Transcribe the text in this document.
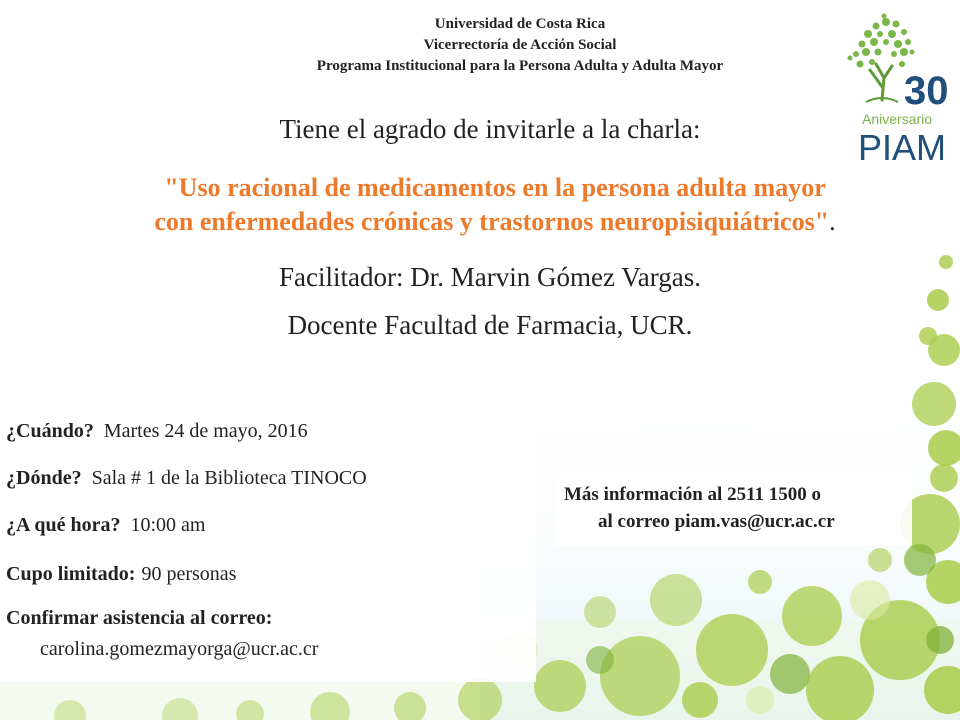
Universidad de Costa Rica
Vicerrectoría de Acción Social
Programa Institucional para la Persona Adulta y Adulta Mayor
30
Aniversario
PIAM
Tiene el agrado de invitarle a la charla:
"Uso racional de medicamentos en la persona adulta mayor
con enfermedades crónicas y trastornos neuropisiquiátricos".
Facilitador: Dr. Marvin Gómez Vargas.
Docente Facultad de Farmacia, UCR.
¿Cuándo? Martes 24 de mayo, 2016
¿Dónde? Sala # 1 de la Biblioteca TINOCO
¿A qué hora? 10:00 am
Cupo limitado: 90 personas
Confirmar asistencia al correo:
carolina.gomezmayorga@ucr.ac.cr
Más información al 2511 1500 o
al correo piam.vas@ucr.ac.cr
